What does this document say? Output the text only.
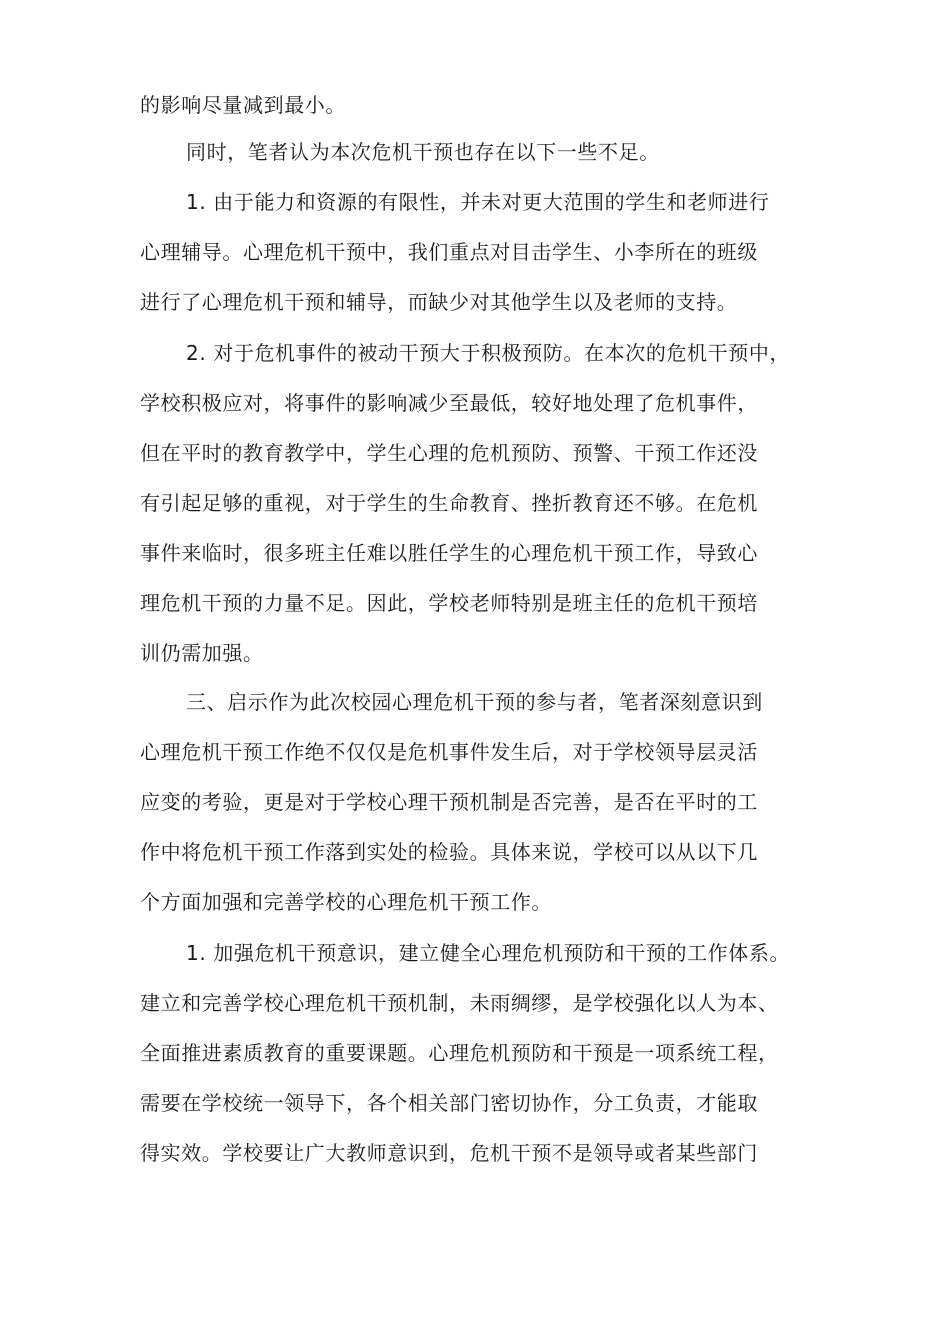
的影响尽量减到最小。
同时，笔者认为本次危机干预也存在以下一些不足。
1. 由于能力和资源的有限性，并未对更大范围的学生和老师进行
心理辅导。心理危机干预中，我们重点对目击学生、小李所在的班级
进行了心理危机干预和辅导，而缺少对其他学生以及老师的支持。
2. 对于危机事件的被动干预大于积极预防。在本次的危机干预中，
学校积极应对，将事件的影响减少至最低，较好地处理了危机事件，
但在平时的教育教学中，学生心理的危机预防、预警、干预工作还没
有引起足够的重视，对于学生的生命教育、挫折教育还不够。在危机
事件来临时，很多班主任难以胜任学生的心理危机干预工作，导致心
理危机干预的力量不足。因此，学校老师特别是班主任的危机干预培
训仍需加强。
三、启示作为此次校园心理危机干预的参与者，笔者深刻意识到
心理危机干预工作绝不仅仅是危机事件发生后，对于学校领导层灵活
应变的考验，更是对于学校心理干预机制是否完善，是否在平时的工
作中将危机干预工作落到实处的检验。具体来说，学校可以从以下几
个方面加强和完善学校的心理危机干预工作。
1. 加强危机干预意识，建立健全心理危机预防和干预的工作体系。
建立和完善学校心理危机干预机制，未雨绸缪，是学校强化以人为本、
全面推进素质教育的重要课题。心理危机预防和干预是一项系统工程，
需要在学校统一领导下，各个相关部门密切协作，分工负责，才能取
得实效。学校要让广大教师意识到，危机干预不是领导或者某些部门
